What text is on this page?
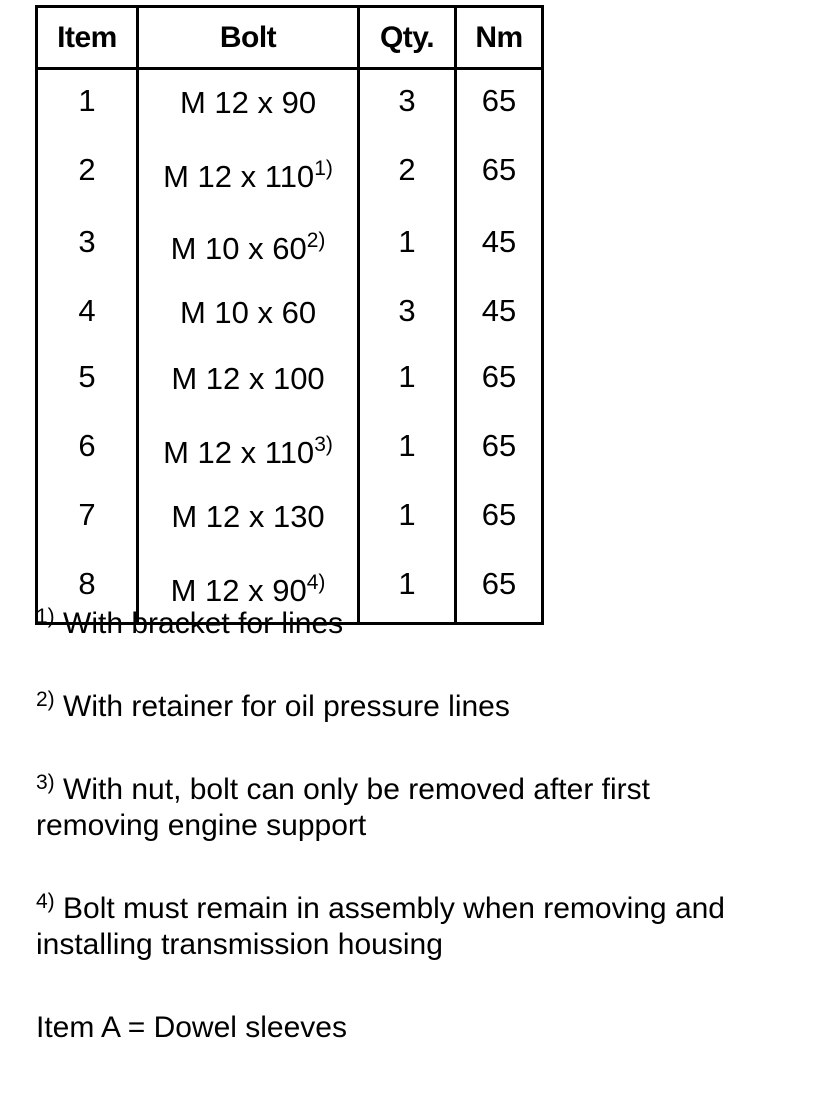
Item	Bolt	Qty.	Nm
1	M 12 x 90	3	65
2	M 12 x 110$^{1)}$	2	65
3	M 10 x 60$^{2)}$	1	45
4	M 10 x 60	3	45
5	M 12 x 100	1	65
6	M 12 x 110$^{3)}$	1	65
7	M 12 x 130	1	65
8	M 12 x 90$^{4)}$	1	65

$^{1)}$ With bracket for lines

$^{2)}$ With retainer for oil pressure lines

$^{3)}$ With nut, bolt can only be removed after first removing engine support

$^{4)}$ Bolt must remain in assembly when removing and installing transmission housing

Item A = Dowel sleeves
